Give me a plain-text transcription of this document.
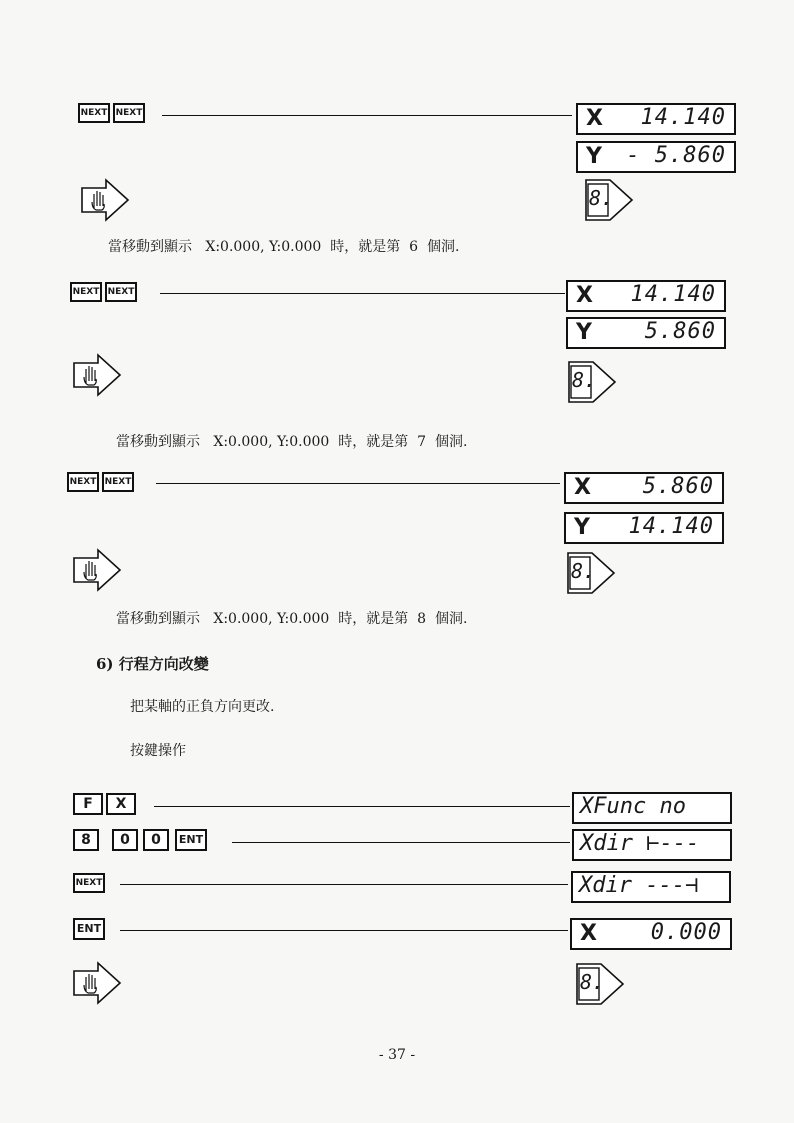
NEXT NEXT	X 14.140
Y - 5.860
8.
當移動到顯示 X:0.000, Y:0.000 時，就是第 6 個洞.
NEXT NEXT	X 14.140
Y 5.860
8.
當移動到顯示 X:0.000, Y:0.000 時，就是第 7 個洞.
NEXT NEXT	X 5.860
Y 14.140
8.
當移動到顯示 X:0.000, Y:0.000 時，就是第 8 個洞.
6) 行程方向改變
把某軸的正負方向更改.
按鍵操作
F	X	XFunc no
8	0	0	ENT	Xdir ⊢---
NEXT	Xdir ---⊣
ENT	X 0.000
8.
- 37 -
